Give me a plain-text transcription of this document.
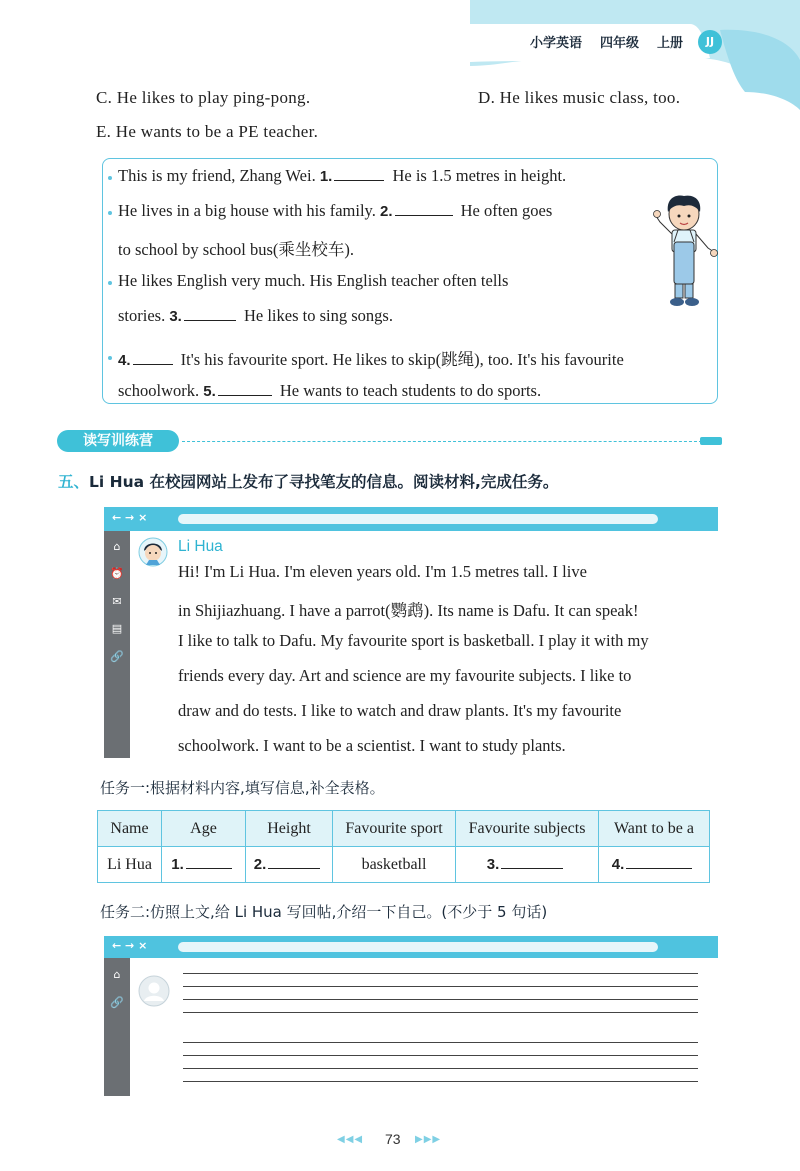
小学英语 四年级 上册	JJ
C. He likes to play ping-pong.	D. He likes music class, too.
E. He wants to be a PE teacher.
This is my friend, Zhang Wei. 1.	He is 1.5 metres in height.
He lives in a big house with his family. 2.	He often goes
to school by school bus(乘坐校车).
He likes English very much. His English teacher often tells
stories. 3.	He likes to sing songs.
4.	It's his favourite sport. He likes to skip(跳绳), too. It's his favourite
schoolwork. 5.	He wants to teach students to do sports.
读写训练营
五、Li Hua 在校园网站上发布了寻找笔友的信息。阅读材料,完成任务。
← → ×
⌂
⏰
✉
▤
🔗
Li Hua
Hi! I'm Li Hua. I'm eleven years old. I'm 1.5 metres tall. I live
in Shijiazhuang. I have a parrot(鹦鹉). Its name is Dafu. It can speak!
I like to talk to Dafu. My favourite sport is basketball. I play it with my
friends every day. Art and science are my favourite subjects. I like to
draw and do tests. I like to watch and draw plants. It's my favourite
schoolwork. I want to be a scientist. I want to study plants.
任务一:根据材料内容,填写信息,补全表格。
Name	Age	Height	Favourite sport	Favourite subjects	Want to be a
Li Hua	1.	2.	basketball	3.	4.
任务二:仿照上文,给 Li Hua 写回帖,介绍一下自己。(不少于 5 句话)
← → ×
⌂
🔗
◀◀◀ 73 ▶▶▶
